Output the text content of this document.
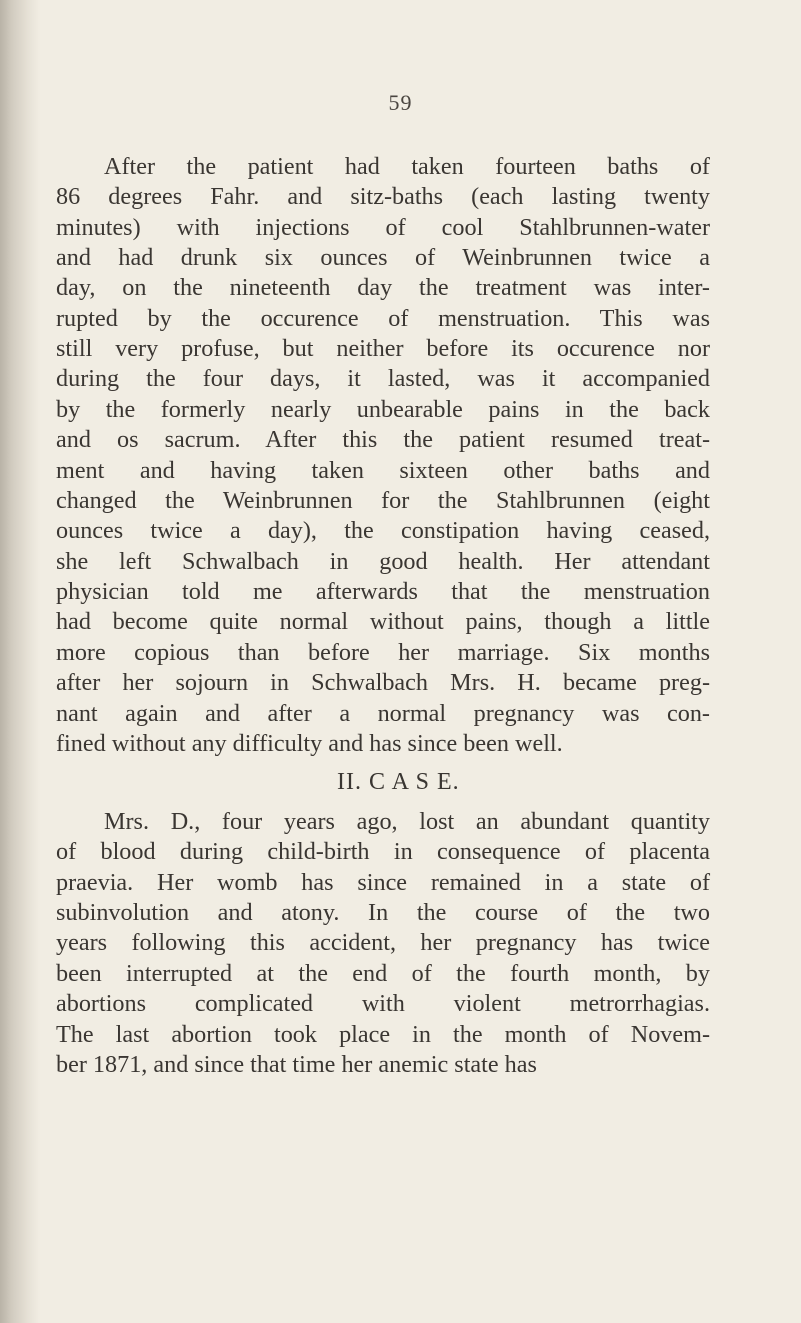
59
After the patient had taken fourteen baths of
86 degrees Fahr. and sitz-baths (each lasting twenty
minutes) with injections of cool Stahlbrunnen-water
and had drunk six ounces of Weinbrunnen twice a
day, on the nineteenth day the treatment was inter-
rupted by the occurence of menstruation. This was
still very profuse, but neither before its occurence nor
during the four days, it lasted, was it accompanied
by the formerly nearly unbearable pains in the back
and os sacrum. After this the patient resumed treat-
ment and having taken sixteen other baths and
changed the Weinbrunnen for the Stahlbrunnen (eight
ounces twice a day), the constipation having ceased,
she left Schwalbach in good health. Her attendant
physician told me afterwards that the menstruation
had become quite normal without pains, though a little
more copious than before her marriage. Six months
after her sojourn in Schwalbach Mrs. H. became preg-
nant again and after a normal pregnancy was con-
fined without any difficulty and has since been well.
II. C A S E.
Mrs. D., four years ago, lost an abundant quantity
of blood during child-birth in consequence of placenta
praevia. Her womb has since remained in a state of
subinvolution and atony. In the course of the two
years following this accident, her pregnancy has twice
been interrupted at the end of the fourth month, by
abortions complicated with violent metrorrhagias.
The last abortion took place in the month of Novem-
ber 1871, and since that time her anemic state has
